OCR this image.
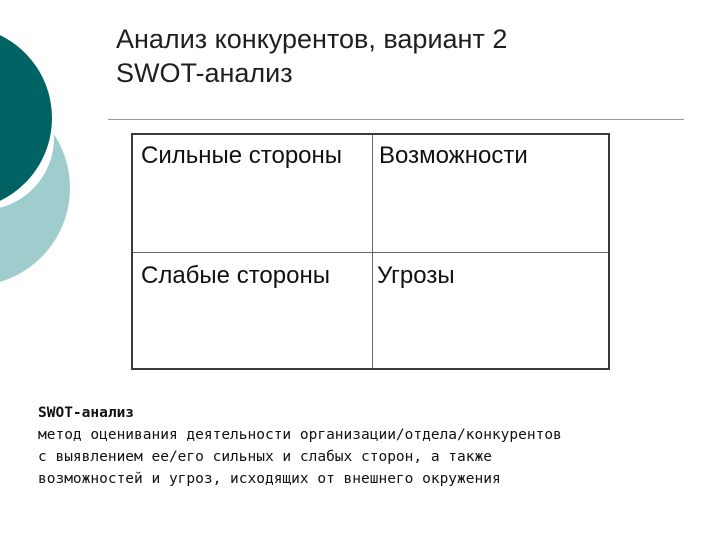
Анализ конкурентов, вариант 2
SWOT-анализ
Сильные стороны	Возможности
Слабые стороны	Угрозы
SWOT-анализ
метод оценивания деятельности организации/отдела/конкурентов
с выявлением ее/его сильных и слабых сторон, а также
возможностей и угроз, исходящих от внешнего окружения
